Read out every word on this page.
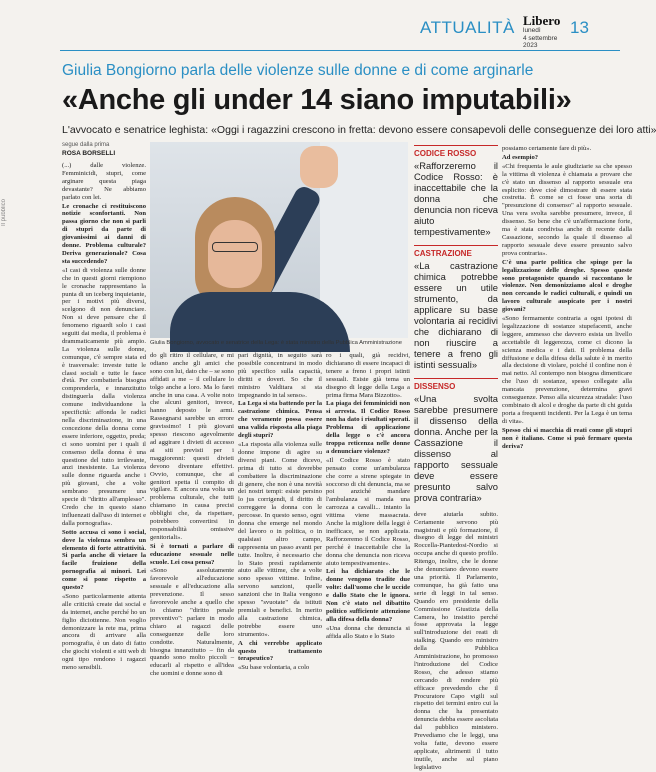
Il pubblico
ATTUALITÀ Libero
lunedì
4 settembre
2023
13
Giulia Bongiorno parla delle violenze sulle donne e di come arginarle
«Anche gli under 14 siano imputabili»
L'avvocato e senatrice leghista: «Oggi i ragazzini crescono in fretta: devono essere consapevoli delle conseguenze dei loro atti»
segue dalla prima
ROSA BORSELLI
Giulia Bongiorno, avvocato e senatrice della Lega: è stata ministro della Pubblica Amministrazione

(...) dalle violenze. Femminicidi, stupri, come arginare questa piaga devastante? Ne abbiamo parlato con lei.

Le cronache ci restituiscono notizie sconfortanti. Non passa giorno che non si parli di stupri da parte di giovanissimi ai danni di donne. Problema culturale? Deriva generazionale? Cosa sta succedendo?

«I casi di violenza sulle donne che in questi giorni riempiono le cronache rappresentano la punta di un iceberg inquietante, per i motivi più diversi, scelgono di non denunciare. Non si deve pensare che il fenomeno riguardi solo i casi seguiti dai media, il problema è drammaticamente più ampio. La violenza sulle donne, comunque, c'è sempre stata ed è trasversale: investe tutte le classi sociali e tutte le fasce d'età. Per combatterla bisogna comprenderla, e innanzitutto distinguerla dalla violenza comune individuandone la specificità: affonda le radici nella discriminazione, in una concezione della donna come essere inferiore, oggetto, preda; ci sono uomini per i quali il consenso della donna è una questione del tutto irrilevante, anzi inesistente. La violenza sulle donne riguarda anche i più giovani, che a volte sembrano presumere una specie di "diritto all'amplesso". Credo che in questo siano influenzati dall'uso di internet e dalla pornografia».

Sotto accusa ci sono i social, dove la violenza sembra un elemento di forte attrattività. Si parla anche di vietare la facile fruizione della pornografia ai minori. Lei come si pone rispetto a questo?

«Sono particolarmente attenta alle criticità create dai social e da internet, anche perché ho un figlio diciottenne. Non voglio demonizzare la rete ma, prima ancora di arrivare alla pornografia, è un dato di fatto che giochi violenti e siti web di ogni tipo rendono i ragazzi meno sensibili.

do gli ritiro il cellulare, e mi odiano anche gli amici che sono con lui, dato che – se sono affidati a me – il cellulare lo tolgo anche a loro. Ma lo farei anche in una casa. A volte noto che alcuni genitori, invece, hanno deposto le armi. Rassegnarsi sarebbe un errore gravissimo! I più giovani spesso riescono agevolmente ad aggirare i divieti di accesso ai siti previsti per i maggiorenni: questi divieti devono diventare effettivi. Ovvio, comunque, che ai genitori spetta il compito di vigilare. E ancora una volta un problema culturale, che tutti chiamano in causa precisi obblighi che, da rispettare, potrebbero convertirsi in responsabilità omissive genitoriali».

Si è tornati a parlare di educazione sessuale nelle scuole. Lei cosa pensa?

«Sono assolutamente favorevole all'educazione sessuale e all'educazione alla prevenzione. Il sesso favorevole anche a quello che io chiamo "diritto penale preventivo": parlare in modo chiaro ai ragazzi delle conseguenze delle loro condotte. Naturalmente, bisogna innanzitutto – fin da quando sono molto piccoli – educarli al rispetto e all'idea che uomini e donne sono di

pari dignità, in seguito sarà possibile concentrarsi in modo più specifico sulla capacità, diritti e doveri. So che il ministro Valditara si sta impegnando in tal senso».

La Lega si sta battendo per la castrazione chimica. Pensa che veramente possa essere una valida risposta alla piaga degli stupri?

«La risposta alla violenza sulle donne impone di agire su diversi piani. Come dicevo, prima di tutto si dovrebbe combattere la discriminazione di genere, che non è una novità dei nostri tempi: esiste persino lo jus corrigendi, il diritto di correggere la donna con le percosse. In questo senso, ogni donna che emerge nel mondo del lavoro o in politica, o in qualsiasi altro campo, rappresenta un passo avanti per tutte. Inoltre, è necessario che lo Stato prestì rapidamente aiuto alle vittime, che a volte sono spesso vittime. Infine, servono sanzioni, quelle sanzioni che in Italia vengono spesso "svuotate" da istituti premiali e benefici. In merito alla castrazione chimica, potrebbe essere uno strumento».

A chi verrebbe applicato questo trattamento terapeutico?

«Su base volontaria, a colo

ro i quali, già recidivi, dichiarano di essere incapaci di tenere a freno i propri istinti sessuali. Esiste già tema un disegno di legge della Lega a prima firma Mara Bizzotto».

La piaga dei femminicidi non si arresta. Il Codice Rosso non ha dato i risultati sperati. Problema di applicazione della legge o c'è ancora troppa reticenza nelle donne a denunciare violenze?

«Il Codice Rosso è stato pensato come un'ambulanza che corre a sirene spiegate in soccorso di chi denuncia, ma se poi anziché mandare l'ambulanza si manda una carrozza a cavalli... intanto la vittima viene massacrata. Anche la migliore della leggi è inefficace, se non applicata. Rafforzeremo il Codice Rosso, perché è inaccettabile che la donna che denuncia non riceva aiuto tempestivamente».

Lei ha dichiarato che le donne vengono tradite due volte: dall'uomo che le uccide e dallo Stato che le ignora. Non c'è stato nel dibattito politico sufficiente attenzione alla difesa della donna?

«Una donna che denuncia si affida allo Stato e lo Stato

CODICE ROSSO
«Rafforzeremo il Codice Rosso: è inaccettabile che la donna che denuncia non riceva aiuto tempestivamente»
CASTRAZIONE
«La castrazione chimica potrebbe essere un utile strumento, da applicare su base volontaria ai recidivi che dichiarano di non riuscire a tenere a freno gli istinti sessuali»
DISSENSO
«Una svolta sarebbe presumere il dissenso della donna. Anche per la Cassazione il dissenso al rapporto sessuale deve essere presunto salvo prova contraria»

deve aiutarla subito. Certamente servono più magistrati e più formazione, il disegno di legge del ministri Roccella-Piantedosi-Nordio si occupa anche di questo profilo. Ritengo, inoltre, che le donne che denunciano devono essere una priorità. Il Parlamento, comunque, ha già fatto una serie di leggi in tal senso. Quando ero presidente della Commissione Giustizia della Camera, ho insistito perché fosse approvata la legge sull'introduzione dei reati di stalking. Quando ero ministro della Pubblica Amministrazione, ho promosso l'introduzione del Codice Rosso, che adesso stiamo cercando di rendere più efficace prevedendo che il Procuratore Capo vigili sul rispetto dei termini entro cui la donna che ha presentato denuncia debba essere ascoltata dal pubblico ministero. Prevediamo che le leggi, una volta fatte, devono essere applicate, altrimenti il tutto inutile, anche sul piano legislativo

possiamo certamente fare di più».

Ad esempio?

«Chi frequenta le aule giudiziarie sa che spesso la vittima di violenza è chiamata a provare che c'è stato un dissenso al rapporto sessuale era esplicito: deve cioè dimostrare di essere stata costretta. È come se ci fosse una sorta di "presunzione di consenso" al rapporto sessuale. Una vera svolta sarebbe presumere, invece, il dissenso. So bene che c'è un'affermazione forte, ma è stata condivisa anche di recente dalla Cassazione, secondo la quale il dissenso al rapporto sessuale deve essere presunto salvo prova contraria».

C'è una parte politica che spinge per la legalizzazione delle droghe. Spesso queste sono protagoniste quando si raccontano le violenze. Non demonizziamo alcol e droghe non cercando le radici culturali, e quindi un lavoro culturale auspicato per i nostri giovani?

«Sono fermamente contraria a ogni ipotesi di legalizzazione di sostanze stupefacenti, anche leggere, ammesso che davvero esista un livello accettabile di leggerezza, come ci dicono la scienza medica e i dati. Il problema della diffusione e della difesa della salute è in merito alla decisione di violare, poiché il confine non è mai netto. Al contempo non bisogna dimenticare che l'uso di sostanze, spesso collegate alla mancata prevenzione, determina gravi conseguenze. Penso alla sicurezza stradale: l'uso combinato di alcol e droghe da parte di chi guida porta a frequenti incidenti. Per la Lega è un tema di vita».

Spesso chi si macchia di reati come gli stupri non è italiano. Come si può fermare questa deriva?
